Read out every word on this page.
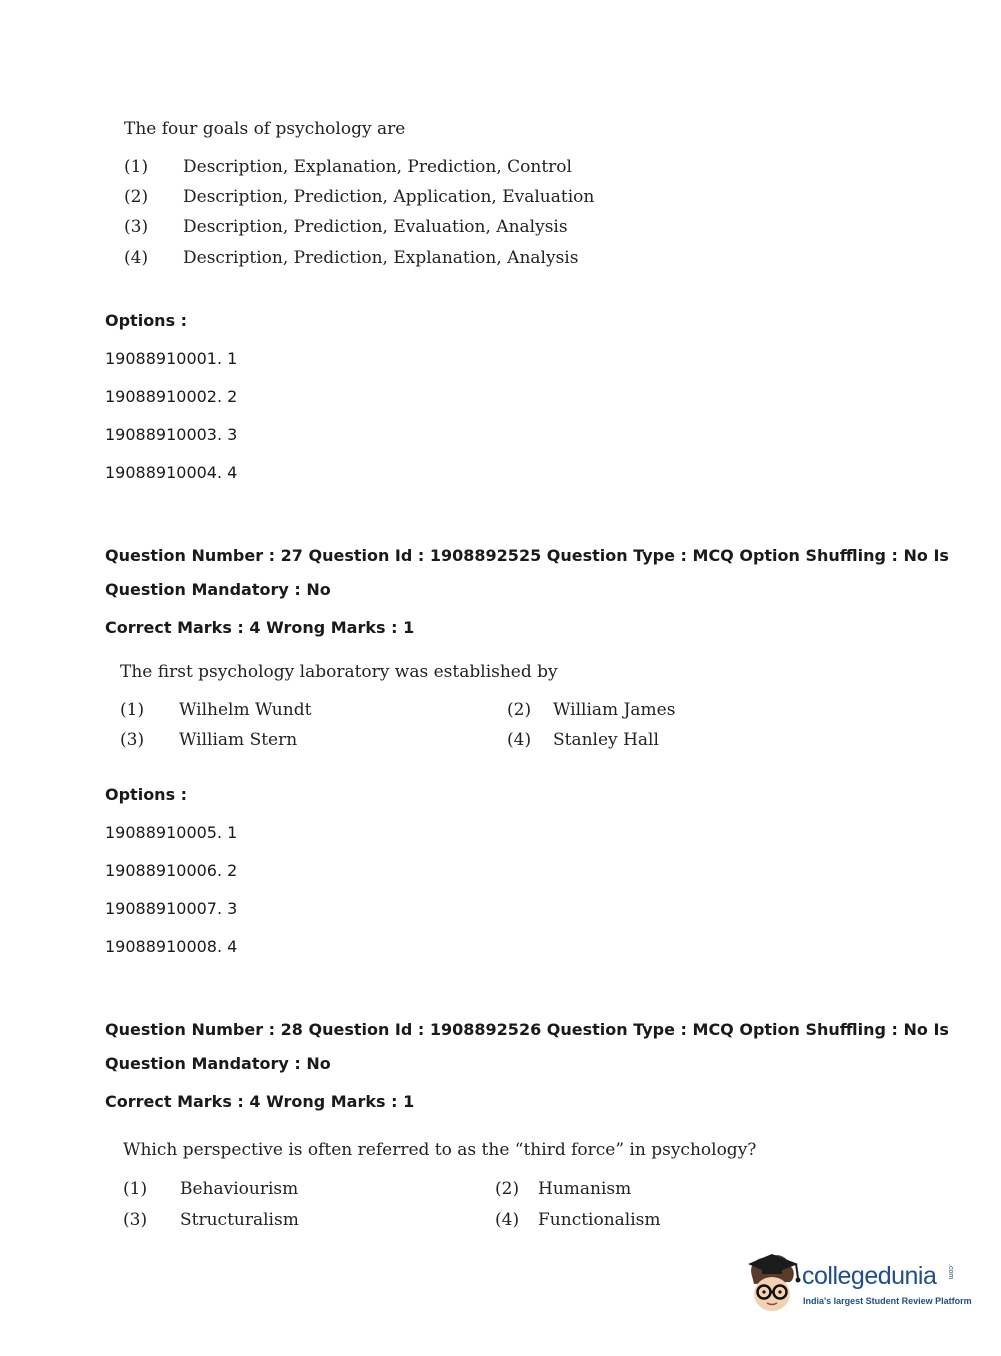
The four goals of psychology are
(1) Description, Explanation, Prediction, Control
(2) Description, Prediction, Application, Evaluation
(3) Description, Prediction, Evaluation, Analysis
(4) Description, Prediction, Explanation, Analysis
Options :
19088910001. 1
19088910002. 2
19088910003. 3
19088910004. 4
Question Number : 27 Question Id : 1908892525 Question Type : MCQ Option Shuffling : No Is
Question Mandatory : No
Correct Marks : 4 Wrong Marks : 1
The first psychology laboratory was established by
(1) Wilhelm Wundt	(2) William James
(3) William Stern	(4) Stanley Hall
Options :
19088910005. 1
19088910006. 2
19088910007. 3
19088910008. 4
Question Number : 28 Question Id : 1908892526 Question Type : MCQ Option Shuffling : No Is
Question Mandatory : No
Correct Marks : 4 Wrong Marks : 1
Which perspective is often referred to as the “third force” in psychology?
(1) Behaviourism	(2) Humanism
(3) Structuralism	(4) Functionalism
collegedunia .com
India's largest Student Review Platform
